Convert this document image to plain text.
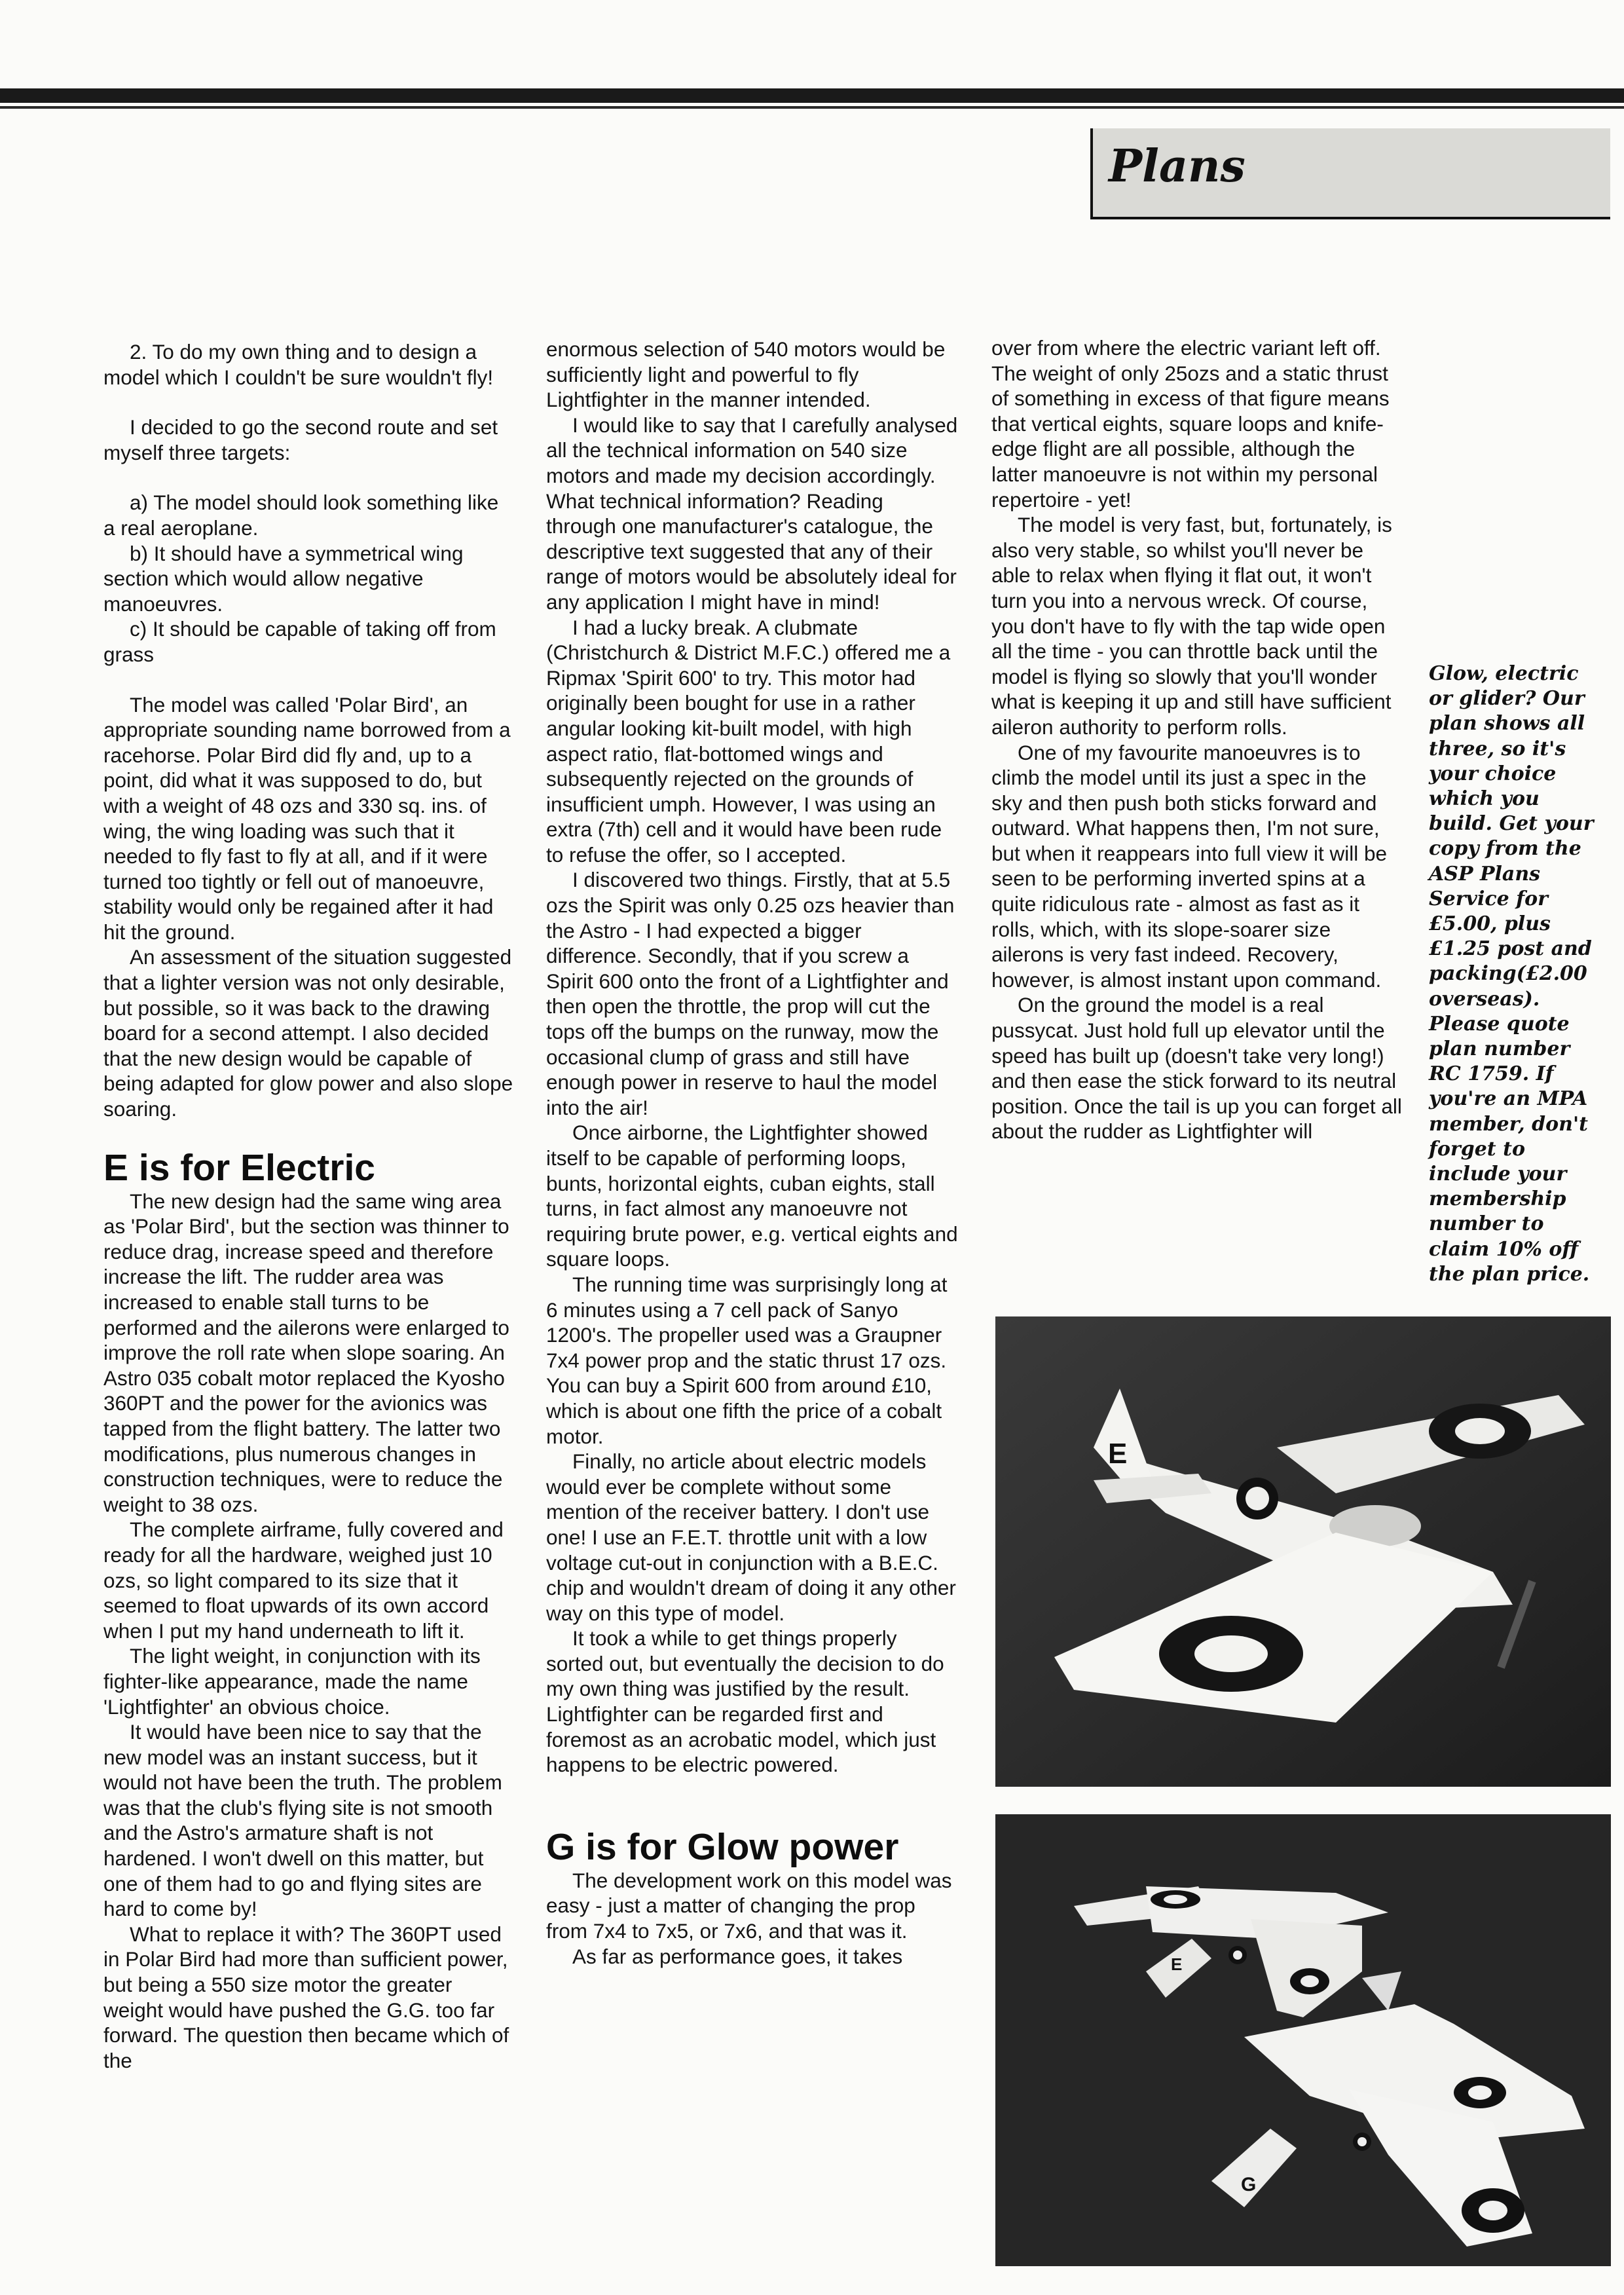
Plans

2. To do my own thing and to design a model which I couldn't be sure wouldn't fly!

I decided to go the second route and set myself three targets:

a) The model should look something like a real aeroplane.

b) It should have a symmetrical wing section which would allow negative manoeuvres.

c) It should be capable of taking off from grass

The model was called 'Polar Bird', an appropriate sounding name borrowed from a racehorse. Polar Bird did fly and, up to a point, did what it was supposed to do, but with a weight of 48 ozs and 330 sq. ins. of wing, the wing loading was such that it needed to fly fast to fly at all, and if it were turned too tightly or fell out of manoeuvre, stability would only be regained after it had hit the ground.

An assessment of the situation suggested that a lighter version was not only desirable, but possible, so it was back to the drawing board for a second attempt. I also decided that the new design would be capable of being adapted for glow power and also slope soaring.

E is for Electric

The new design had the same wing area as 'Polar Bird', but the section was thinner to reduce drag, increase speed and therefore increase the lift. The rudder area was increased to enable stall turns to be performed and the ailerons were enlarged to improve the roll rate when slope soaring. An Astro 035 cobalt motor replaced the Kyosho 360PT and the power for the avionics was tapped from the flight battery. The latter two modifications, plus numerous changes in construction techniques, were to reduce the weight to 38 ozs.

The complete airframe, fully covered and ready for all the hardware, weighed just 10 ozs, so light compared to its size that it seemed to float upwards of its own accord when I put my hand underneath to lift it.

The light weight, in conjunction with its fighter-like appearance, made the name 'Lightfighter' an obvious choice.

It would have been nice to say that the new model was an instant success, but it would not have been the truth. The problem was that the club's flying site is not smooth and the Astro's armature shaft is not hardened. I won't dwell on this matter, but one of them had to go and flying sites are hard to come by!

What to replace it with? The 360PT used in Polar Bird had more than sufficient power, but being a 550 size motor the greater weight would have pushed the G.G. too far forward. The question then became which of the

enormous selection of 540 motors would be sufficiently light and powerful to fly Lightfighter in the manner intended.

I would like to say that I carefully analysed all the technical information on 540 size motors and made my decision accordingly. What technical information? Reading through one manufacturer's catalogue, the descriptive text suggested that any of their range of motors would be absolutely ideal for any application I might have in mind!

I had a lucky break. A clubmate (Christchurch & District M.F.C.) offered me a Ripmax 'Spirit 600' to try. This motor had originally been bought for use in a rather angular looking kit-built model, with high aspect ratio, flat-bottomed wings and subsequently rejected on the grounds of insufficient umph. However, I was using an extra (7th) cell and it would have been rude to refuse the offer, so I accepted.

I discovered two things. Firstly, that at 5.5 ozs the Spirit was only 0.25 ozs heavier than the Astro - I had expected a bigger difference. Secondly, that if you screw a Spirit 600 onto the front of a Lightfighter and then open the throttle, the prop will cut the tops off the bumps on the runway, mow the occasional clump of grass and still have enough power in reserve to haul the model into the air!

Once airborne, the Lightfighter showed itself to be capable of performing loops, bunts, horizontal eights, cuban eights, stall turns, in fact almost any manoeuvre not requiring brute power, e.g. vertical eights and square loops.

The running time was surprisingly long at 6 minutes using a 7 cell pack of Sanyo 1200's. The propeller used was a Graupner 7x4 power prop and the static thrust 17 ozs. You can buy a Spirit 600 from around £10, which is about one fifth the price of a cobalt motor.

Finally, no article about electric models would ever be complete without some mention of the receiver battery. I don't use one! I use an F.E.T. throttle unit with a low voltage cut-out in conjunction with a B.E.C. chip and wouldn't dream of doing it any other way on this type of model.

It took a while to get things properly sorted out, but eventually the decision to do my own thing was justified by the result. Lightfighter can be regarded first and foremost as an acrobatic model, which just happens to be electric powered.

G is for Glow power

The development work on this model was easy - just a matter of changing the prop from 7x4 to 7x5, or 7x6, and that was it.

As far as performance goes, it takes

over from where the electric variant left off. The weight of only 25ozs and a static thrust of something in excess of that figure means that vertical eights, square loops and knife-edge flight are all possible, although the latter manoeuvre is not within my personal repertoire - yet!

The model is very fast, but, fortunately, is also very stable, so whilst you'll never be able to relax when flying it flat out, it won't turn you into a nervous wreck. Of course, you don't have to fly with the tap wide open all the time - you can throttle back until the model is flying so slowly that you'll wonder what is keeping it up and still have sufficient aileron authority to perform rolls.

One of my favourite manoeuvres is to climb the model until its just a spec in the sky and then push both sticks forward and outward. What happens then, I'm not sure, but when it reappears into full view it will be seen to be performing inverted spins at a quite ridiculous rate - almost as fast as it rolls, which, with its slope-soarer size ailerons is very fast indeed. Recovery, however, is almost instant upon command.

On the ground the model is a real pussycat. Just hold full up elevator until the speed has built up (doesn't take very long!) and then ease the stick forward to its neutral position. Once the tail is up you can forget all about the rudder as Lightfighter will

Glow, electric or glider? Our plan shows all three, so it's your choice which you build. Get your copy from the ASP Plans Service for £5.00, plus £1.25 post and packing(£2.00 overseas). Please quote plan number RC 1759. If you're an MPA member, don't forget to include your membership number to claim 10% off the plan price.
E
E
G
